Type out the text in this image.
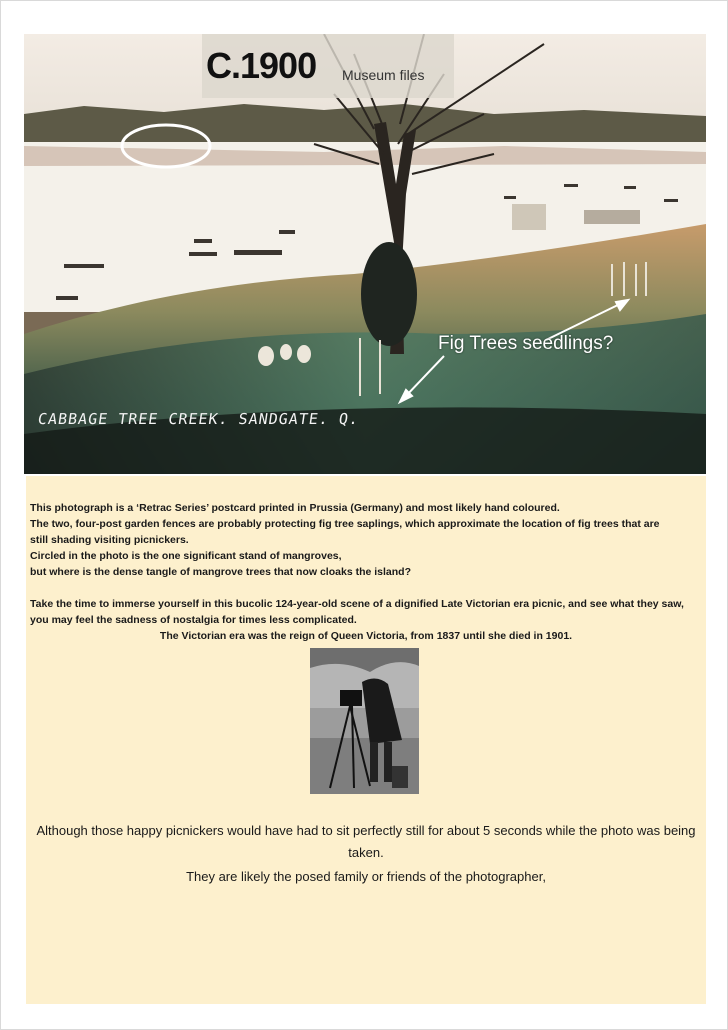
CABBAGE TREE CREEK. SANDGATE. Q.
Fig Trees seedlings?
C.1900 Museum files
This photograph is a ‘Retrac Series’ postcard printed in Prussia (Germany) and most likely hand coloured.
The two, four-post garden fences are probably protecting fig tree saplings, which approximate the location of fig trees that are
still shading visiting picnickers.
Circled in the photo is the one significant stand of mangroves,
but where is the dense tangle of mangrove trees that now cloaks the island?
Take the time to immerse yourself in this bucolic 124-year-old scene of a dignified Late Victorian era picnic, and see what they saw,
you may feel the sadness of nostalgia for times less complicated.
The Victorian era was the reign of Queen Victoria, from 1837 until she died in 1901.
Although those happy picnickers would have had to sit perfectly still for about 5 seconds while the photo was being taken.
They are likely the posed family or friends of the photographer,
